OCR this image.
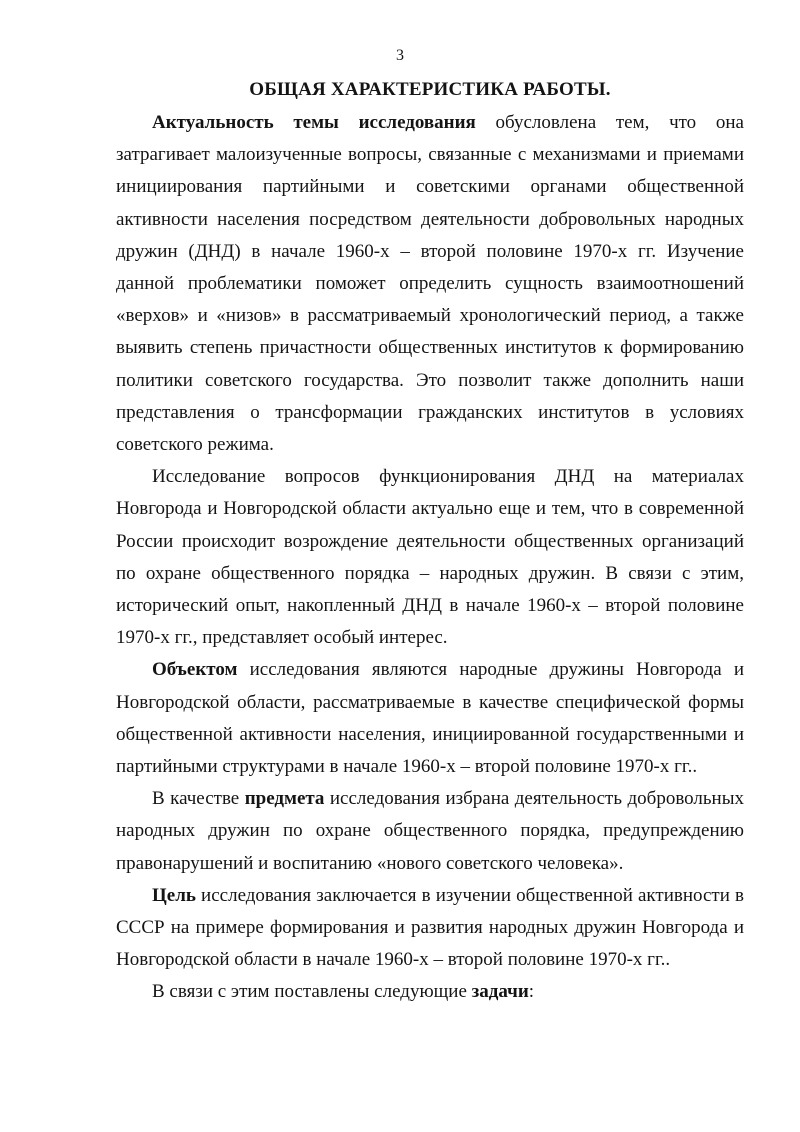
3
ОБЩАЯ ХАРАКТЕРИСТИКА РАБОТЫ.

Актуальность темы исследования обусловлена тем, что она затрагивает малоизученные вопросы, связанные с механизмами и приемами инициирования партийными и советскими органами общественной активности населения посредством деятельности добровольных народных дружин (ДНД) в начале 1960-х – второй половине 1970-х гг. Изучение данной проблематики поможет определить сущность взаимоотношений «верхов» и «низов» в рассматриваемый хронологический период, а также выявить степень причастности общественных институтов к формированию политики советского государства. Это позволит также дополнить наши представления о трансформации гражданских институтов в условиях советского режима.

Исследование вопросов функционирования ДНД на материалах Новгорода и Новгородской области актуально еще и тем, что в современной России происходит возрождение деятельности общественных организаций по охране общественного порядка – народных дружин. В связи с этим, исторический опыт, накопленный ДНД в начале 1960-х – второй половине 1970-х гг., представляет особый интерес.

Объектом исследования являются народные дружины Новгорода и Новгородской области, рассматриваемые в качестве специфической формы общественной активности населения, инициированной государственными и партийными структурами в начале 1960-х – второй половине 1970-х гг..

В качестве предмета исследования избрана деятельность добровольных народных дружин по охране общественного порядка, предупреждению правонарушений и воспитанию «нового советского человека».

Цель исследования заключается в изучении общественной активности в СССР на примере формирования и развития народных дружин Новгорода и Новгородской области в начале 1960-х – второй половине 1970-х гг..

В связи с этим поставлены следующие задачи:
